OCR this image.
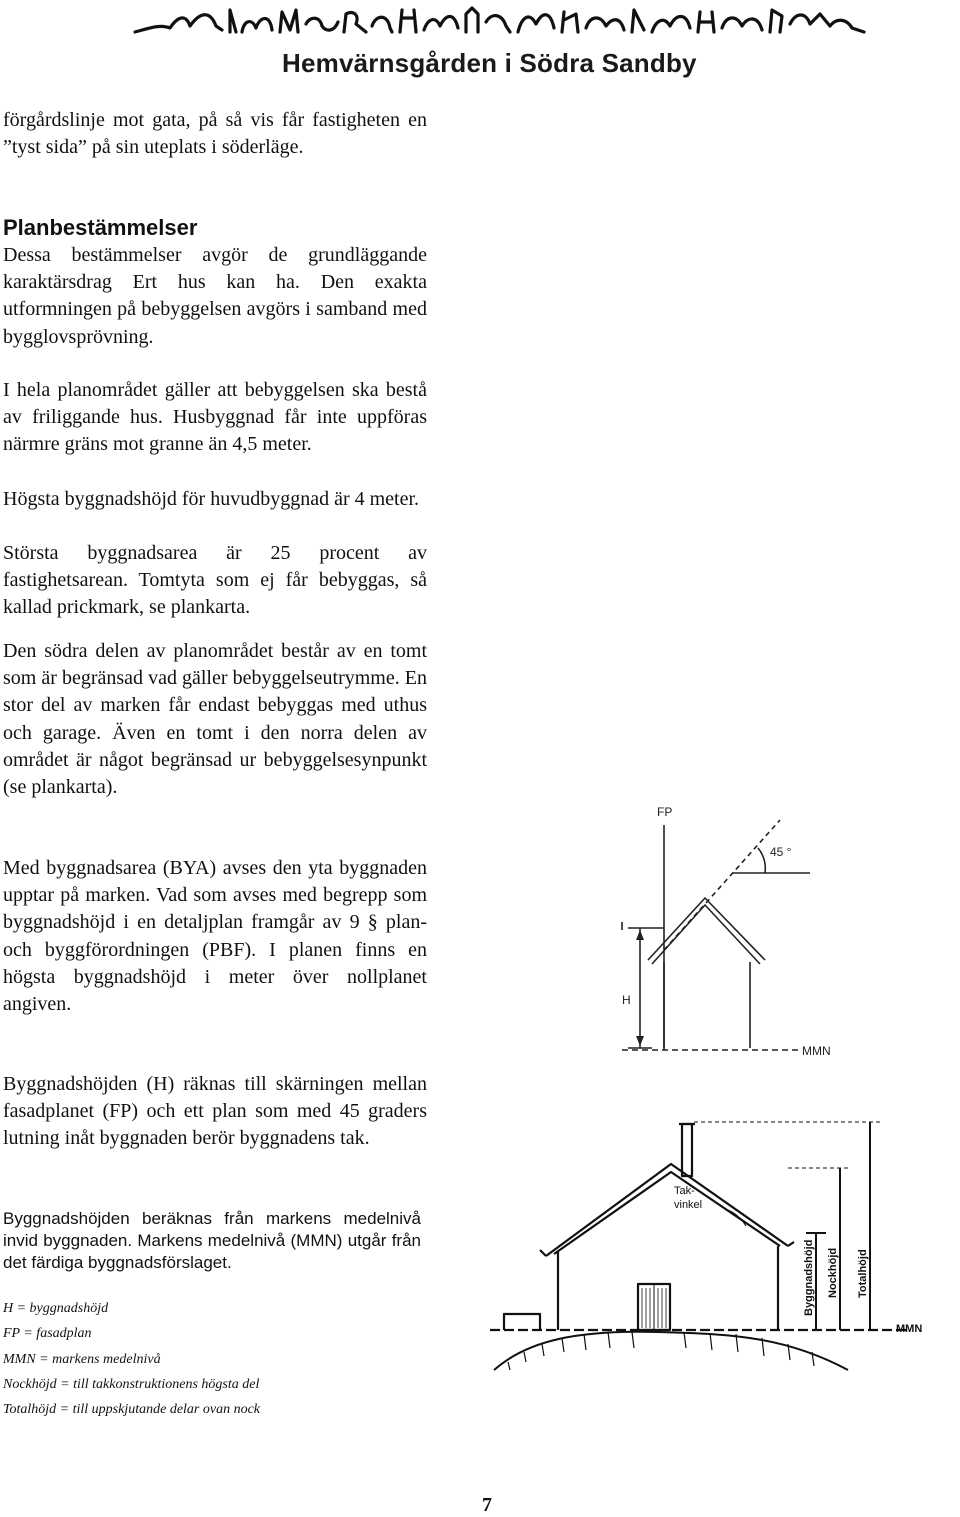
Hemvärnsgården i Södra Sandby

förgårdslinje mot gata, på så vis får fastigheten en ”tyst sida” på sin uteplats i söderläge.

Planbestämmelser

Dessa bestämmelser avgör de grundläggande karaktärsdrag Ert hus kan ha. Den exakta utformningen på bebyggelsen avgörs i samband med bygglovsprövning.

I hela planområdet gäller att bebyggelsen ska bestå av friliggande hus. Husbyggnad får inte uppföras närmre gräns mot granne än 4,5 meter.

Högsta byggnadshöjd för huvudbyggnad är 4 meter.

Största byggnadsarea är 25 procent av fastighetsarean. Tomtyta som ej får bebyggas, så kallad prickmark, se plankarta.

Den södra delen av planområdet består av en tomt som är begränsad vad gäller bebyggelseutrymme. En stor del av marken får endast bebyggas med uthus och garage. Även en tomt i den norra delen av området är något begränsad ur bebyggelsesynpunkt (se plankarta).

Med byggnadsarea (BYA) avses den yta byggnaden upptar på marken. Vad som avses med begrepp som byggnadshöjd i en detaljplan framgår av 9 § plan- och byggförordningen (PBF). I planen finns en högsta byggnadshöjd i meter över nollplanet angiven.

Byggnadshöjden (H) räknas till skärningen mellan fasadplanet (FP) och ett plan som med 45 graders lutning inåt byggnaden berör byggnadens tak.

Byggnadshöjden beräknas från markens medelnivå invid byggnaden. Markens medelnivå (MMN) utgår från det färdiga byggnadsförslaget.

H = byggnadshöjd
FP = fasadplan
MMN = markens medelnivå
Nockhöjd = till takkonstruktionens högsta del
Totalhöjd = till uppskjutande delar ovan nock
FP
45 °
H
MMN
Tak-
vinkel
Byggnadshöjd Nockhöjd Totalhöjd
MMN
7
